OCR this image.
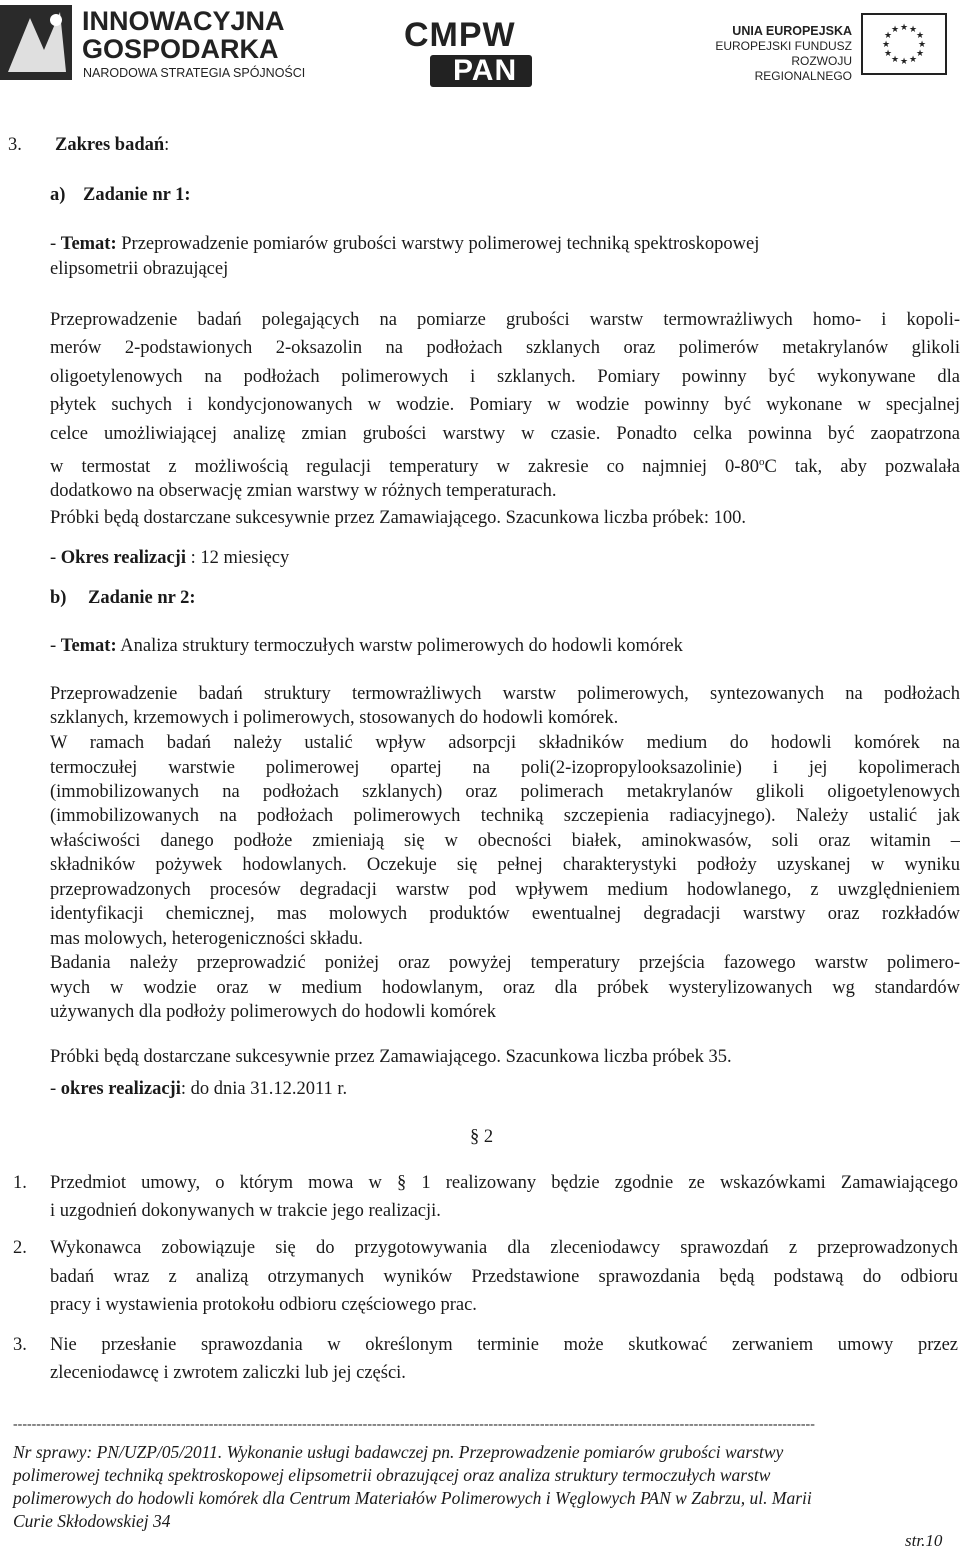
INNOWACYJNA
GOSPODARKA
NARODOWA STRATEGIA SPÓJNOŚCI
CMPW
PAN
UNIA EUROPEJSKA
EUROPEJSKI FUNDUSZ
ROZWOJU REGIONALNEGO
★ ★
★
★
★
★
★
★
★
★
★
★
3. Zakres badań:
a) Zadanie nr 1:
- Temat: Przeprowadzenie pomiarów grubości warstwy polimerowej techniką spektroskopowej
elipsometrii obrazującej
Przeprowadzenie badań polegających na pomiarze grubości warstw termowrażliwych homo- i kopoli-
merów 2-podstawionych 2-oksazolin na podłożach szklanych oraz polimerów metakrylanów glikoli
oligoetylenowych na podłożach polimerowych i szklanych. Pomiary powinny być wykonywane dla
płytek suchych i kondycjonowanych w wodzie. Pomiary w wodzie powinny być wykonane w specjalnej
celce umożliwiającej analizę zmian grubości warstwy w czasie. Ponadto celka powinna być zaopatrzona
w termostat z możliwością regulacji temperatury w zakresie co najmniej 0-80$^o$C tak, aby pozwalała
dodatkowo na obserwację zmian warstwy w różnych temperaturach.
Próbki będą dostarczane sukcesywnie przez Zamawiającego. Szacunkowa liczba próbek: 100.
- Okres realizacji : 12 miesięcy
b) Zadanie nr 2:
- Temat: Analiza struktury termoczułych warstw polimerowych do hodowli komórek
Przeprowadzenie badań struktury termowrażliwych warstw polimerowych, syntezowanych na podłożach
szklanych, krzemowych i polimerowych, stosowanych do hodowli komórek.
W ramach badań należy ustalić wpływ adsorpcji składników medium do hodowli komórek na
termoczułej warstwie polimerowej opartej na poli(2-izopropylooksazolinie) i jej kopolimerach
(immobilizowanych na podłożach szklanych) oraz polimerach metakrylanów glikoli oligoetylenowych
(immobilizowanych na podłożach polimerowych techniką szczepienia radiacyjnego). Należy ustalić jak
właściwości danego podłoże zmieniają się w obecności białek, aminokwasów, soli oraz witamin –
składników pożywek hodowlanych. Oczekuje się pełnej charakterystyki podłoży uzyskanej w wyniku
przeprowadzonych procesów degradacji warstw pod wpływem medium hodowlanego, z uwzględnieniem
identyfikacji chemicznej, mas molowych produktów ewentualnej degradacji warstwy oraz rozkładów
mas molowych, heterogeniczności składu.
Badania należy przeprowadzić poniżej oraz powyżej temperatury przejścia fazowego warstw polimero-
wych w wodzie oraz w medium hodowlanym, oraz dla próbek wysterylizowanych wg standardów
używanych dla podłoży polimerowych do hodowli komórek
Próbki będą dostarczane sukcesywnie przez Zamawiającego. Szacunkowa liczba próbek 35.
- okres realizacji: do dnia 31.12.2011 r.
§ 2
1. Przedmiot umowy, o którym mowa w § 1 realizowany będzie zgodnie ze wskazówkami Zamawiającego
i uzgodnień dokonywanych w trakcie jego realizacji.
2. Wykonawca zobowiązuje się do przygotowywania dla zleceniodawcy sprawozdań z przeprowadzonych
badań wraz z analizą otrzymanych wyników Przedstawione sprawozdania będą podstawą do odbioru
pracy i wystawienia protokołu odbioru częściowego prac.
3. Nie przesłanie sprawozdania w określonym terminie może skutkować zerwaniem umowy przez
zleceniodawcę i zwrotem zaliczki lub jej części.
----------------------------------------------------------------------------------------------------------------------------------------------------------------------------
Nr sprawy: PN/UZP/05/2011. Wykonanie usługi badawczej pn. Przeprowadzenie pomiarów grubości warstwy
polimerowej techniką spektroskopowej elipsometrii obrazującej oraz analiza struktury termoczułych warstw
polimerowych do hodowli komórek dla Centrum Materiałów Polimerowych i Węglowych PAN w Zabrzu, ul. Marii
Curie Skłodowskiej 34
str.10
